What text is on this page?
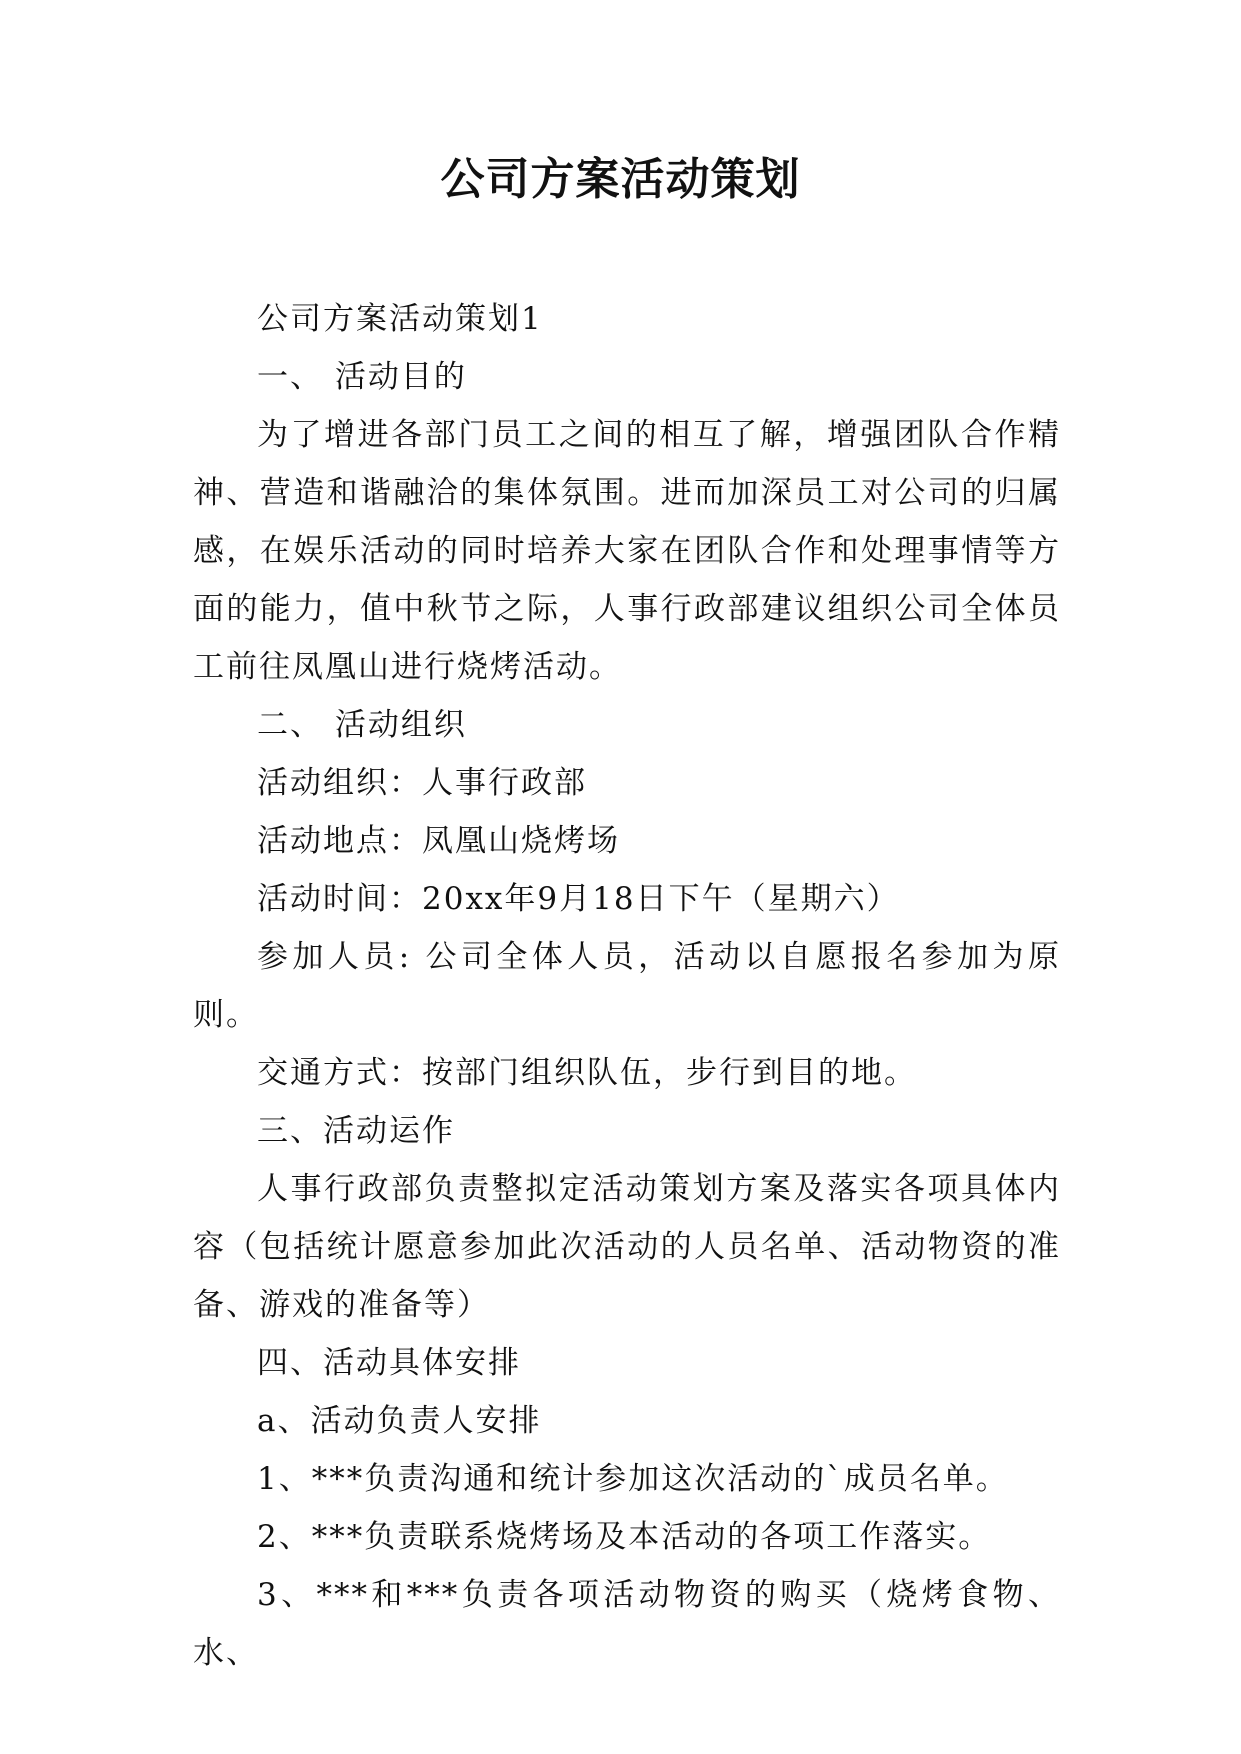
公司方案活动策划

公司方案活动策划1

一、 活动目的

为了增进各部门员工之间的相互了解，增强团队合作精神、营造和谐融洽的集体氛围。进而加深员工对公司的归属感，在娱乐活动的同时培养大家在团队合作和处理事情等方面的能力，值中秋节之际，人事行政部建议组织公司全体员工前往凤凰山进行烧烤活动。

二、 活动组织

活动组织：人事行政部

活动地点：凤凰山烧烤场

活动时间：20xx年9月18日下午（星期六）

参加人员: 公司全体人员，活动以自愿报名参加为原则。

交通方式：按部门组织队伍，步行到目的地。

三、活动运作

人事行政部负责整拟定活动策划方案及落实各项具体内容（包括统计愿意参加此次活动的人员名单、活动物资的准备、游戏的准备等）

四、活动具体安排

a、活动负责人安排

1、***负责沟通和统计参加这次活动的`成员名单。

2、***负责联系烧烤场及本活动的各项工作落实。

3、***和***负责各项活动物资的购买（烧烤食物、水、
